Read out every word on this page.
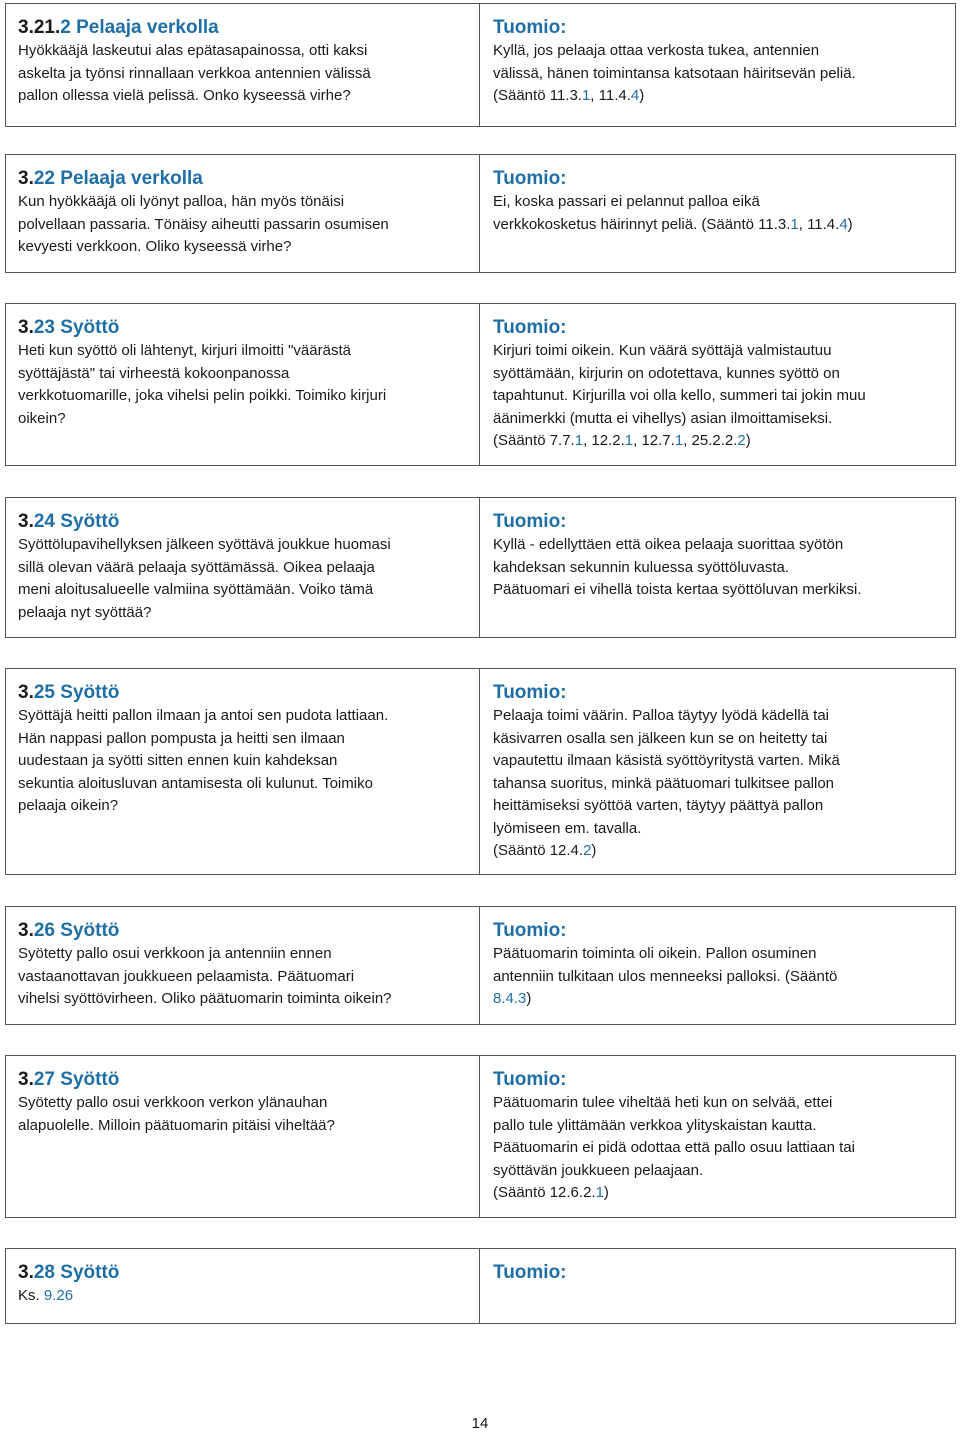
3.21.2 Pelaaja verkolla
Hyökkääjä laskeutui alas epätasapainossa, otti kaksi
askelta ja työnsi rinnallaan verkkoa antennien välissä
pallon ollessa vielä pelissä. Onko kyseessä virhe?
Tuomio:
Kyllä, jos pelaaja ottaa verkosta tukea, antennien
välissä, hänen toimintansa katsotaan häiritsevän peliä.
(Sääntö 11.3.1, 11.4.4)
3.22 Pelaaja verkolla
Kun hyökkääjä oli lyönyt palloa, hän myös tönäisi
polvellaan passaria. Tönäisy aiheutti passarin osumisen
kevyesti verkkoon. Oliko kyseessä virhe?
Tuomio:
Ei, koska passari ei pelannut palloa eikä
verkkokosketus häirinnyt peliä. (Sääntö 11.3.1, 11.4.4)
3.23 Syöttö
Heti kun syöttö oli lähtenyt, kirjuri ilmoitti "väärästä
syöttäjästä" tai virheestä kokoonpanossa
verkkotuomarille, joka vihelsi pelin poikki. Toimiko kirjuri
oikein?
Tuomio:
Kirjuri toimi oikein. Kun väärä syöttäjä valmistautuu
syöttämään, kirjurin on odotettava, kunnes syöttö on
tapahtunut. Kirjurilla voi olla kello, summeri tai jokin muu
äänimerkki (mutta ei vihellys) asian ilmoittamiseksi.
(Sääntö 7.7.1, 12.2.1, 12.7.1, 25.2.2.2)
3.24 Syöttö
Syöttölupavihellyksen jälkeen syöttävä joukkue huomasi
sillä olevan väärä pelaaja syöttämässä. Oikea pelaaja
meni aloitusalueelle valmiina syöttämään. Voiko tämä
pelaaja nyt syöttää?
Tuomio:
Kyllä - edellyttäen että oikea pelaaja suorittaa syötön
kahdeksan sekunnin kuluessa syöttöluvasta.
Päätuomari ei vihellä toista kertaa syöttöluvan merkiksi.
3.25 Syöttö
Syöttäjä heitti pallon ilmaan ja antoi sen pudota lattiaan.
Hän nappasi pallon pompusta ja heitti sen ilmaan
uudestaan ja syötti sitten ennen kuin kahdeksan
sekuntia aloitusluvan antamisesta oli kulunut. Toimiko
pelaaja oikein?
Tuomio:
Pelaaja toimi väärin. Palloa täytyy lyödä kädellä tai
käsivarren osalla sen jälkeen kun se on heitetty tai
vapautettu ilmaan käsistä syöttöyritystä varten. Mikä
tahansa suoritus, minkä päätuomari tulkitsee pallon
heittämiseksi syöttöä varten, täytyy päättyä pallon
lyömiseen em. tavalla.
(Sääntö 12.4.2)
3.26 Syöttö
Syötetty pallo osui verkkoon ja antenniin ennen
vastaanottavan joukkueen pelaamista. Päätuomari
vihelsi syöttövirheen. Oliko päätuomarin toiminta oikein?
Tuomio:
Päätuomarin toiminta oli oikein. Pallon osuminen
antenniin tulkitaan ulos menneeksi palloksi. (Sääntö
8.4.3)
3.27 Syöttö
Syötetty pallo osui verkkoon verkon ylänauhan
alapuolelle. Milloin päätuomarin pitäisi viheltää?
Tuomio:
Päätuomarin tulee viheltää heti kun on selvää, ettei
pallo tule ylittämään verkkoa ylityskaistan kautta.
Päätuomarin ei pidä odottaa että pallo osuu lattiaan tai
syöttävän joukkueen pelaajaan.
(Sääntö 12.6.2.1)
3.28 Syöttö
Ks. 9.26
Tuomio:
14
